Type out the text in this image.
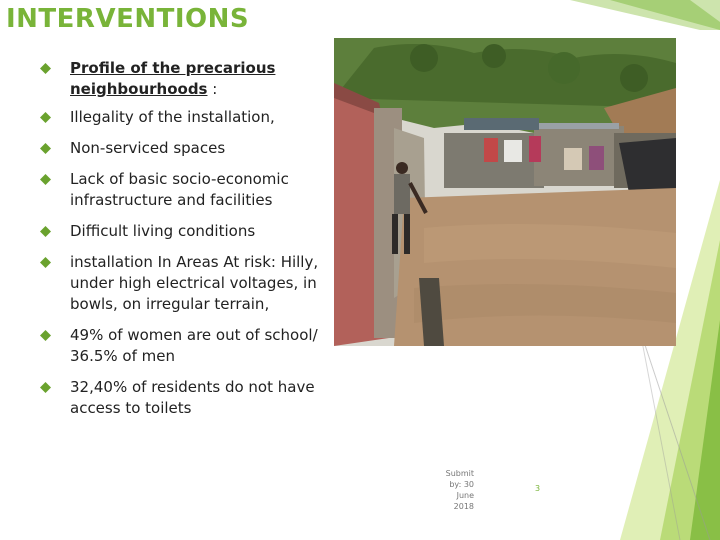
INTERVENTIONS
Profile of the precarious neighbourhoods :
Illegality of the installation,
Non-serviced spaces
Lack of basic socio-economic infrastructure and facilities
Difficult living conditions
installation In Areas At risk: Hilly, under high electrical voltages, in bowls, on irregular terrain,
49% of women are out of school/ 36.5% of men
32,40% of residents do not have access to toilets
Submit
by: 30
June
2018
3
